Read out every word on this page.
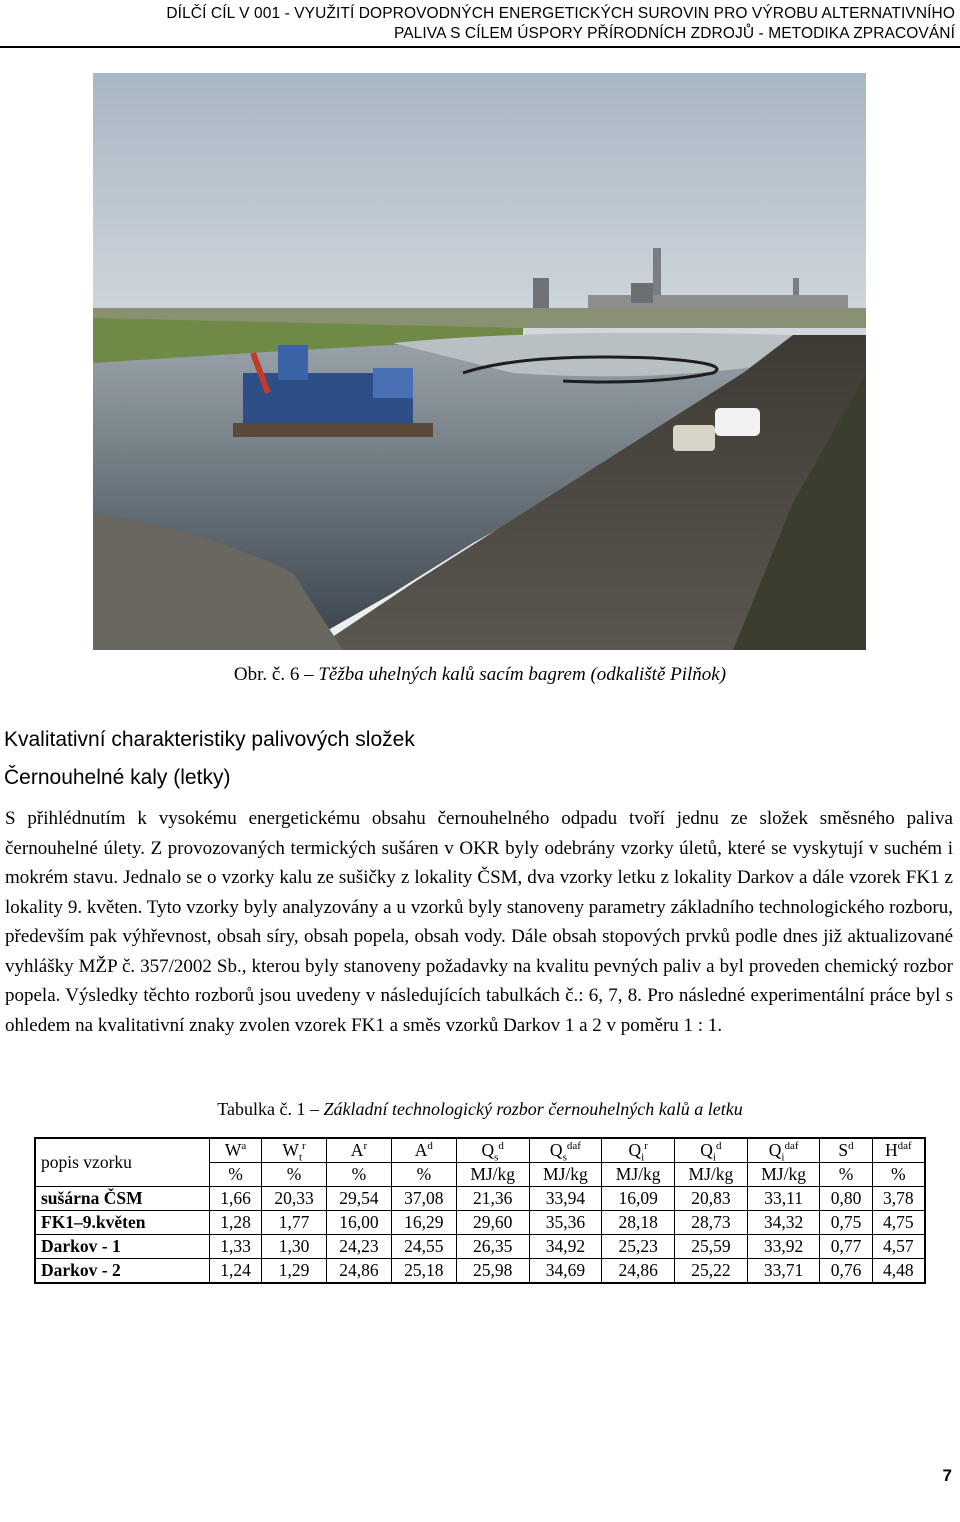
DÍLČÍ CÍL V 001 - VYUŽITÍ DOPROVODNÝCH ENERGETICKÝCH SUROVIN PRO VÝROBU ALTERNATIVNÍHO
PALIVA S CÍLEM ÚSPORY PŘÍRODNÍCH ZDROJŮ - METODIKA ZPRACOVÁNÍ
Obr. č. 6 – Těžba uhelných kalů sacím bagrem (odkaliště Pilňok)
Kvalitativní charakteristiky palivových složek
Černouhelné kaly (letky)
S přihlédnutím k vysokému energetickému obsahu černouhelného odpadu tvoří jednu ze složek směsného paliva černouhelné úlety. Z provozovaných termických sušáren v OKR byly odebrány vzorky úletů, které se vyskytují v suchém i mokrém stavu. Jednalo se o vzorky kalu ze sušičky z lokality ČSM, dva vzorky letku z lokality Darkov a dále vzorek FK1 z lokality 9. květen. Tyto vzorky byly analyzovány a u vzorků byly stanoveny parametry základního technologického rozboru, především pak výhřevnost, obsah síry, obsah popela, obsah vody. Dále obsah stopových prvků podle dnes již aktualizované vyhlášky MŽP č. 357/2002 Sb., kterou byly stanoveny požadavky na kvalitu pevných paliv a byl proveden chemický rozbor popela. Výsledky těchto rozborů jsou uvedeny v následujících tabulkách č.: 6, 7, 8. Pro následné experimentální práce byl s ohledem na kvalitativní znaky zvolen vzorek FK1 a směs vzorků Darkov 1 a 2 v poměru 1 : 1.
Tabulka č. 1 – Základní technologický rozbor černouhelných kalů a letku
popis vzorku	$W^a$	$W_t^r$	$A^r$	$A^d$	$Q_s^d$	$Q_s^{daf}$	$Q_i^r$	$Q_i^d$	$Q_i^{daf}$	$S^d$	$H^{daf}$
	%	%	%	%	MJ/kg	MJ/kg	MJ/kg	MJ/kg	MJ/kg	%	%
sušárna ČSM	1,66	20,33	29,54	37,08	21,36	33,94	16,09	20,83	33,11	0,80	3,78
FK1–9.květen	1,28	1,77	16,00	16,29	29,60	35,36	28,18	28,73	34,32	0,75	4,75
Darkov - 1	1,33	1,30	24,23	24,55	26,35	34,92	25,23	25,59	33,92	0,77	4,57
Darkov - 2	1,24	1,29	24,86	25,18	25,98	34,69	24,86	25,22	33,71	0,76	4,48
7
